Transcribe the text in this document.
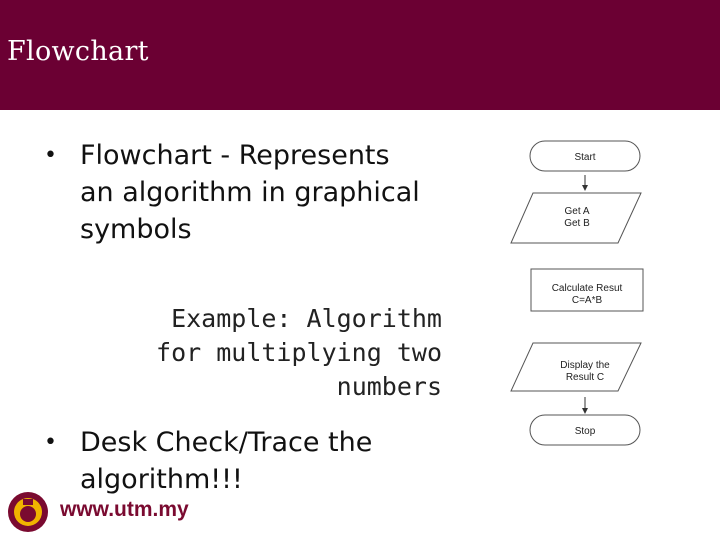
Flowchart
• Flowchart - Represents
an algorithm in graphical
symbols
Example: Algorithm
for multiplying two
numbers
• Desk Check/Trace the
algorithm!!!
Start
Get A
Get B
Calculate Resut
C=A*B
Display the
Result C
Stop
www.utm.my
